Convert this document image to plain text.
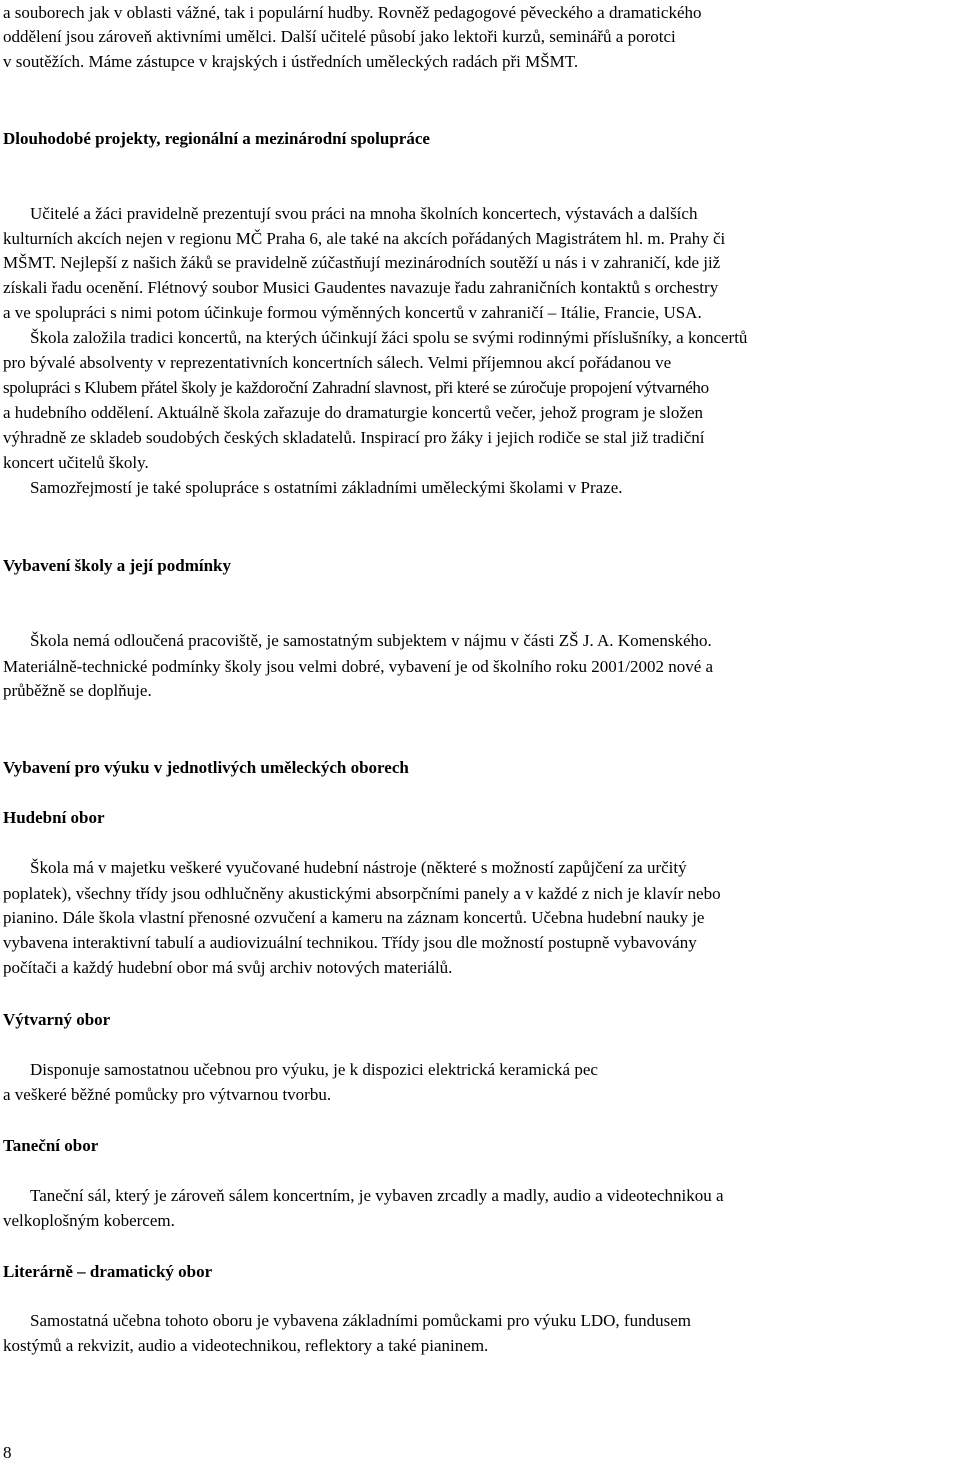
a souborech jak v oblasti vážné, tak i populární hudby. Rovněž pedagogové pěveckého a dramatického
oddělení jsou zároveň aktivními umělci. Další učitelé působí jako lektoři kurzů, seminářů a porotci
v soutěžích. Máme zástupce v krajských i ústředních uměleckých radách při MŠMT.
Dlouhodobé projekty, regionální a mezinárodní spolupráce
Učitelé a žáci pravidelně prezentují svou práci na mnoha školních koncertech, výstavách a dalších
kulturních akcích nejen v regionu MČ Praha 6, ale také na akcích pořádaných Magistrátem hl. m. Prahy či
MŠMT. Nejlepší z našich žáků se pravidelně zúčastňují mezinárodních soutěží u nás i v zahraničí, kde již
získali řadu ocenění. Flétnový soubor Musici Gaudentes navazuje řadu zahraničních kontaktů s orchestry
a ve spolupráci s nimi potom účinkuje formou výměnných koncertů v zahraničí – Itálie, Francie, USA.
Škola založila tradici koncertů, na kterých účinkují žáci spolu se svými rodinnými příslušníky, a koncertů
pro bývalé absolventy v reprezentativních koncertních sálech. Velmi příjemnou akcí pořádanou ve
spolupráci s Klubem přátel školy je každoroční Zahradní slavnost, při které se zúročuje propojení výtvarného
a hudebního oddělení. Aktuálně škola zařazuje do dramaturgie koncertů večer, jehož program je složen
výhradně ze skladeb soudobých českých skladatelů. Inspirací pro žáky i jejich rodiče se stal již tradiční
koncert učitelů školy.
Samozřejmostí je také spolupráce s ostatními základními uměleckými školami v Praze.
Vybavení školy a její podmínky
Škola nemá odloučená pracoviště, je samostatným subjektem v nájmu v části ZŠ J. A. Komenského.
Materiálně-technické podmínky školy jsou velmi dobré, vybavení je od školního roku 2001/2002 nové a
průběžně se doplňuje.
Vybavení pro výuku v jednotlivých uměleckých oborech
Hudební obor
Škola má v majetku veškeré vyučované hudební nástroje (některé s možností zapůjčení za určitý
poplatek), všechny třídy jsou odhlučněny akustickými absorpčními panely a v každé z nich je klavír nebo
pianino. Dále škola vlastní přenosné ozvučení a kameru na záznam koncertů. Učebna hudební nauky je
vybavena interaktivní tabulí a audiovizuální technikou. Třídy jsou dle možností postupně vybavovány
počítači a každý hudební obor má svůj archiv notových materiálů.
Výtvarný obor
Disponuje samostatnou učebnou pro výuku, je k dispozici elektrická keramická pec
a veškeré běžné pomůcky pro výtvarnou tvorbu.
Taneční obor
Taneční sál, který je zároveň sálem koncertním, je vybaven zrcadly a madly, audio a videotechnikou a
velkoplošným kobercem.
Literárně – dramatický obor
Samostatná učebna tohoto oboru je vybavena základními pomůckami pro výuku LDO, fundusem
kostýmů a rekvizit, audio a videotechnikou, reflektory a také pianinem.
8
